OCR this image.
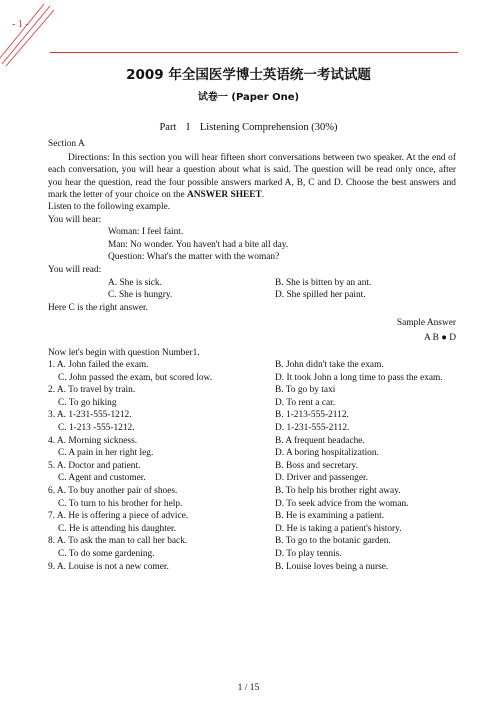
- 1 -
2009 年全国医学博士英语统一考试试题
试卷一 (Paper One)
Part I Listening Comprehension (30%)
Section A
Directions: In this section you will hear fifteen short conversations between two speaker. At the end of each conversation, you will hear a question about what is said. The question will be read only once, after you hear the question, read the four possible answers marked A, B, C and D. Choose the best answers and mark the letter of your choice on the ANSWER SHEET.
Listen to the following example.
You will hear:
Woman: I feel faint.
Man: No wonder. You haven't had a bite all day.
Question: What's the matter with the woman?
You will read:
A. She is sick.	B. She is bitten by an ant.
C. She is hungry.	D. She spilled her paint.
Here C is the right answer.
Sample Answer
A B ● D
Now let's begin with question Number1.
1. A. John failed the exam.	B. John didn't take the exam.
C. John passed the exam, but scored low.	D. It took John a long time to pass the exam.
2. A. To travel by train.	B. To go by taxi
C. To go hiking	D. To rent a car.
3. A. 1-231-555-1212.	B. 1-213-555-2112.
C. 1-213 -555-1212.	D. 1-231-555-2112.
4. A. Morning sickness.	B. A frequent headache.
C. A pain in her right leg.	D. A boring hospitalization.
5. A. Doctor and patient.	B. Boss and secretary.
C. Agent and customer.	D. Driver and passenger.
6. A. To buy another pair of shoes.	B. To help his brother right away.
C. To turn to his brother for help.	D. To seek advice from the woman.
7. A. He is offering a piece of advice.	B. He is examining a patient.
C. He is attending his daughter.	D. He is taking a patient's history.
8. A. To ask the man to call her back.	B. To go to the botanic garden.
C. To do some gardening.	D. To play tennis.
9. A. Louise is not a new comer.	B. Louise loves being a nurse.
1 / 15
